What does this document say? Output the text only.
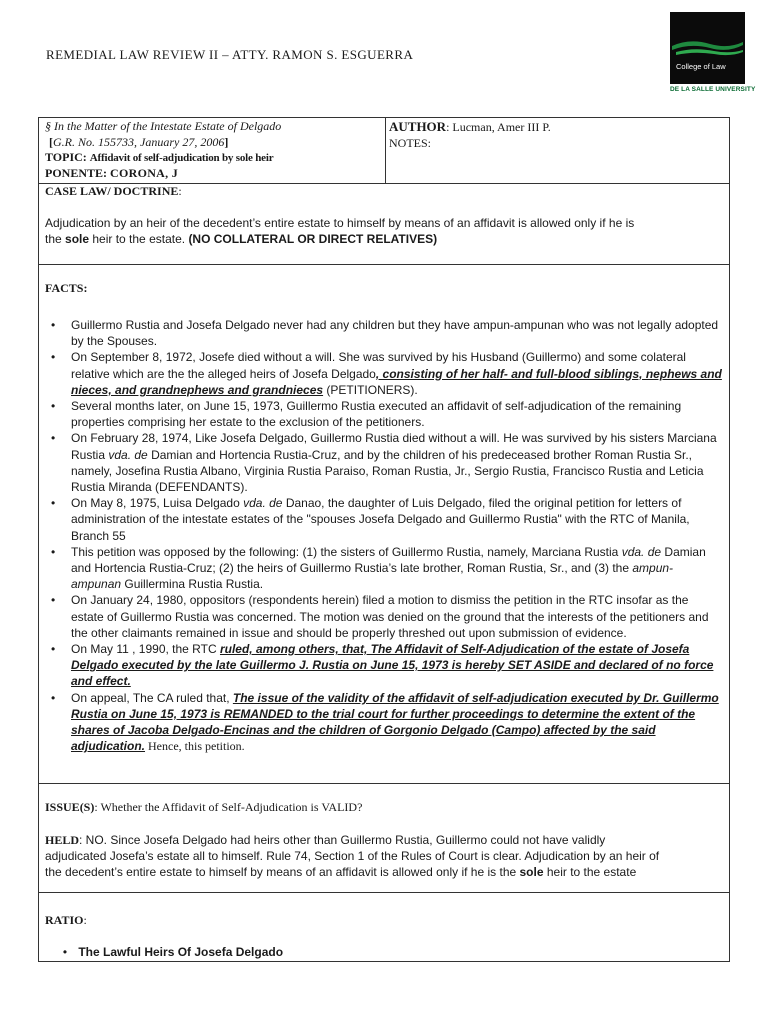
REMEDIAL LAW REVIEW II – ATTY. RAMON S. ESGUERRA
College of Law
DE LA SALLE UNIVERSITY
§ In the Matter of the Intestate Estate of Delgado
[G.R. No. 155733, January 27, 2006]
TOPIC: Affidavit of self-adjudication by sole heir
PONENTE: CORONA, J
AUTHOR: Lucman, Amer III P.
NOTES:
CASE LAW/ DOCTRINE:
Adjudication by an heir of the decedent’s entire estate to himself by means of an affidavit is allowed only if he is
the sole heir to the estate. (NO COLLATERAL OR DIRECT RELATIVES)
FACTS:
• Guillermo Rustia and Josefa Delgado never had any children but they have ampun-ampunan who was not legally adopted by the Spouses.
• On September 8, 1972, Josefe died without a will. She was survived by his Husband (Guillermo) and some colateral relative which are the the alleged heirs of Josefa Delgado, consisting of her half- and full-blood siblings, nephews and nieces, and grandnephews and grandnieces (PETITIONERS).
• Several months later, on June 15, 1973, Guillermo Rustia executed an affidavit of self-adjudication of the remaining properties comprising her estate to the exclusion of the petitioners.
• On February 28, 1974, Like Josefa Delgado, Guillermo Rustia died without a will. He was survived by his sisters Marciana Rustia vda. de Damian and Hortencia Rustia-Cruz, and by the children of his predeceased brother Roman Rustia Sr., namely, Josefina Rustia Albano, Virginia Rustia Paraiso, Roman Rustia, Jr., Sergio Rustia, Francisco Rustia and Leticia Rustia Miranda (DEFENDANTS).
• On May 8, 1975, Luisa Delgado vda. de Danao, the daughter of Luis Delgado, filed the original petition for letters of administration of the intestate estates of the "spouses Josefa Delgado and Guillermo Rustia" with the RTC of Manila, Branch 55
• This petition was opposed by the following: (1) the sisters of Guillermo Rustia, namely, Marciana Rustia vda. de Damian and Hortencia Rustia-Cruz; (2) the heirs of Guillermo Rustia’s late brother, Roman Rustia, Sr., and (3) the ampun-ampunan Guillermina Rustia Rustia.
• On January 24, 1980, oppositors (respondents herein) filed a motion to dismiss the petition in the RTC insofar as the estate of Guillermo Rustia was concerned. The motion was denied on the ground that the interests of the petitioners and the other claimants remained in issue and should be properly threshed out upon submission of evidence.
• On May 11 , 1990, the RTC ruled, among others, that, The Affidavit of Self-Adjudication of the estate of Josefa Delgado executed by the late Guillermo J. Rustia on June 15, 1973 is hereby SET ASIDE and declared of no force and effect.
• On appeal, The CA ruled that, The issue of the validity of the affidavit of self-adjudication executed by Dr. Guillermo Rustia on June 15, 1973 is REMANDED to the trial court for further proceedings to determine the extent of the shares of Jacoba Delgado-Encinas and the children of Gorgonio Delgado (Campo) affected by the said adjudication. Hence, this petition.
ISSUE(S): Whether the Affidavit of Self-Adjudication is VALID?
HELD: NO. Since Josefa Delgado had heirs other than Guillermo Rustia, Guillermo could not have validly
adjudicated Josefa’s estate all to himself. Rule 74, Section 1 of the Rules of Court is clear. Adjudication by an heir of
the decedent’s entire estate to himself by means of an affidavit is allowed only if he is the sole heir to the estate
RATIO:
• The Lawful Heirs Of Josefa Delgado
